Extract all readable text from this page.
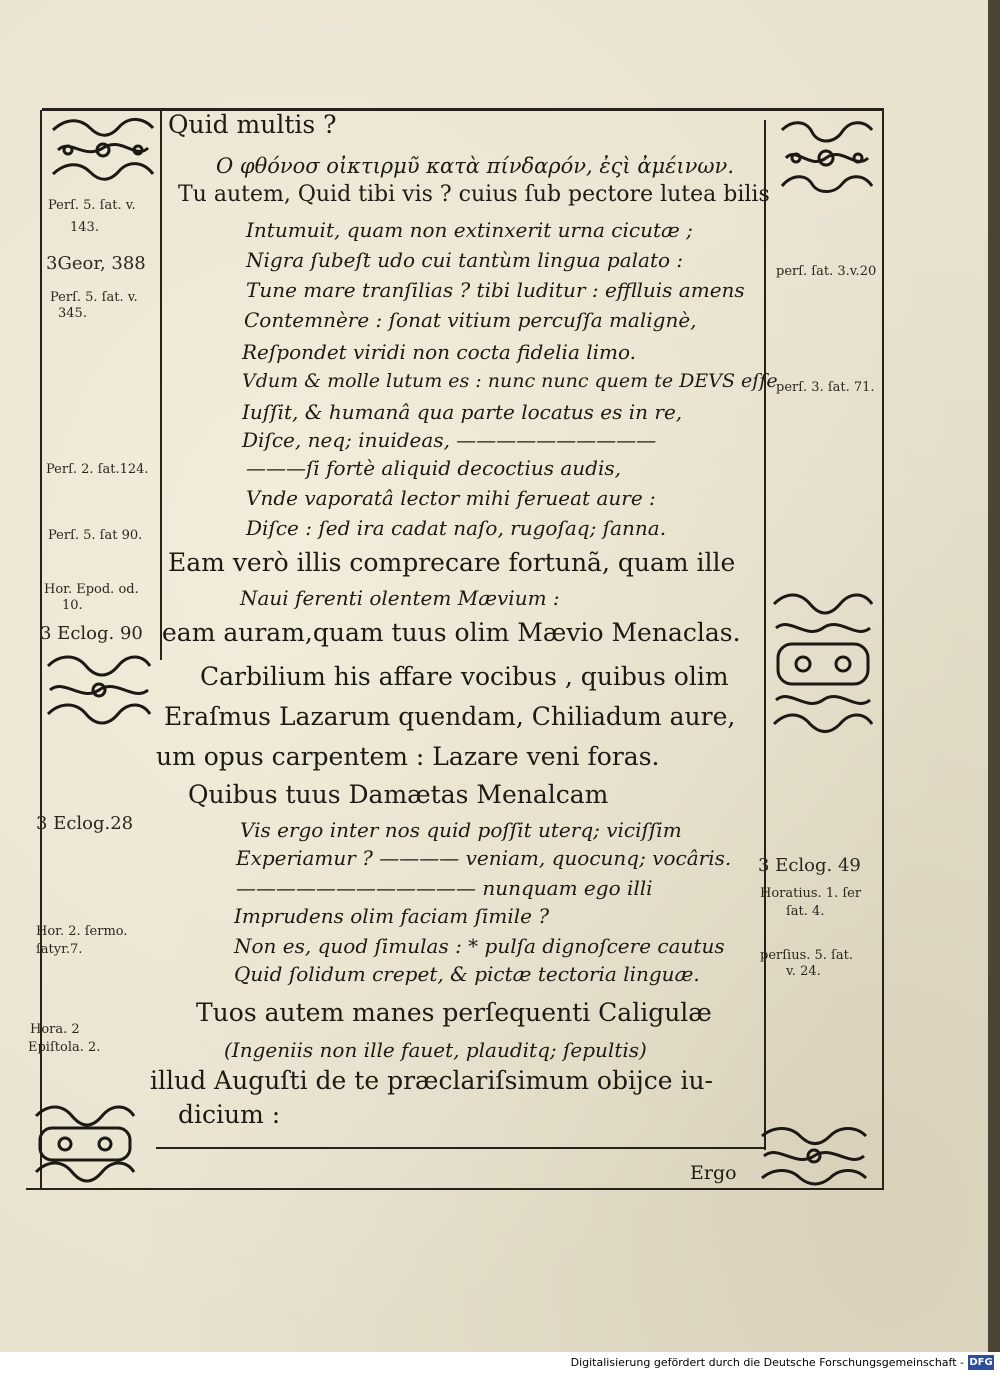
Perſ. 5. ſat. v.
143.
3Geor, 388
Perſ. 5. ſat. v.
345.
Perſ. 2. ſat.124.
Perſ. 5. ſat 90.
Hor. Epod. od.
10.
3 Eclog. 90
3 Eclog.28
Hor. 2. ſermo.
ſatyr.7.
Hora. 2
Epiſtola. 2.
perſ. ſat. 3.v.20
perſ. 3. ſat. 71.
3 Eclog. 49
Horatius. 1. ſer
ſat. 4.
perſius. 5. ſat.
v. 24.
Quid multis ?
Ο φθόνοσ οἰκτιρμῦ κατὰ πίνδαρόν, ἐςὶ ἀμέινων.
Tu autem, Quid tibi vis ? cuius ſub pectore lutea bilis
Intumuit, quam non extinxerit urna cicutæ ;
Nigra ſubeſt udo cui tantùm lingua palato :
Tune mare tranſilias ? tibi luditur : efflluis amens
Contemnère : ſonat vitium percuſſa malignè,
Reſpondet viridi non cocta fidelia limo.
Vdum & molle lutum es : nunc nunc quem te DEVS eſſe
Iuſſit, & humanâ qua parte locatus es in re,
Diſce, neq; inuideas, ——————————
———ſi fortè aliquid decoctius audis,
Vnde vaporatâ lector mihi ferueat aure :
Diſce : ſed ira cadat naſo, rugoſaq; ſanna.
Eam verò illis comprecare fortunã, quam ille
Naui ferenti olentem Mævium :
eam auram,quam tuus olim Mævio Menaclas.
Carbilium his affare vocibus , quibus olim
Eraſmus Lazarum quendam, Chiliadum aure,
um opus carpentem : Lazare veni foras.
Quibus tuus Damætas Menalcam
Vis ergo inter nos quid poſſit uterq; viciſſim
Experiamur ? ———— veniam, quocunq; vocâris.
———————————— nunquam ego illi
Imprudens olim faciam ſimile ?
Non es, quod ſimulas : * pulſa dignoſcere cautus
Quid ſolidum crepet, & pictæ tectoria linguæ.
Tuos autem manes perſequenti Caligulæ
(Ingeniis non ille fauet, plauditq; ſepultis)
illud Auguſti de te præclariſsimum obijce iu-
dicium :
Ergo
Digitalisierung gefördert durch die Deutsche Forschungsgemeinschaft - DFG
